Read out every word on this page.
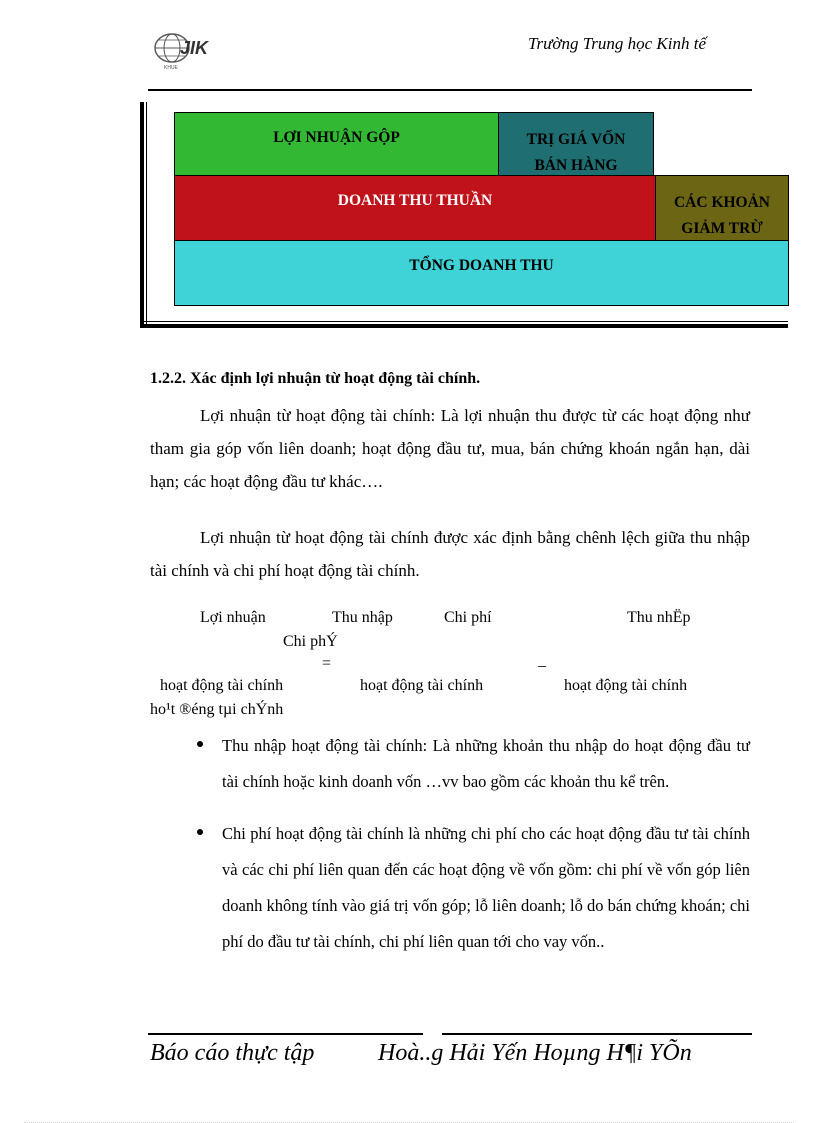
JIK
KHUE
Trường Trung học Kinh tế
LỢI NHUẬN GỘP	TRỊ GIÁ VỐN
BÁN HÀNG
DOANH THU THUẦN	CÁC KHOẢN
GIẢM TRỪ
TỔNG DOANH THU
1.2.2. Xác định lợi nhuận từ hoạt động tài chính.
Lợi nhuận từ hoạt động tài chính: Là lợi nhuận thu được từ các hoạt động như tham gia góp vốn liên doanh; hoạt động đầu tư, mua, bán chứng khoán ngắn hạn, dài hạn; các hoạt động đầu tư khác….
Lợi nhuận từ hoạt động tài chính được xác định bằng chênh lệch giữa thu nhập tài chính và chi phí hoạt động tài chính.
Lợi nhuận	Thu nhập	Chi phí	Thu nhËp
Chi phÝ
=	_
hoạt động tài chính	hoạt động tài chính	hoạt động tài chính
ho¹t ®éng tµi chÝnh
Thu nhập hoạt động tài chính: Là những khoản thu nhập do hoạt động đầu tư tài chính hoặc kinh doanh vốn …vv bao gồm các khoản thu kể trên.
Chi phí hoạt động tài chính là những chi phí cho các hoạt động đầu tư tài chính và các chi phí liên quan đến các hoạt động về vốn gồm: chi phí về vốn góp liên doanh không tính vào giá trị vốn góp; lỗ liên doanh; lỗ do bán chứng khoán; chi phí do đầu tư tài chính, chi phí liên quan tới cho vay vốn..
Báo cáo thực tập	Hoà..g Hải Yến Hoµng H¶i YÕn
